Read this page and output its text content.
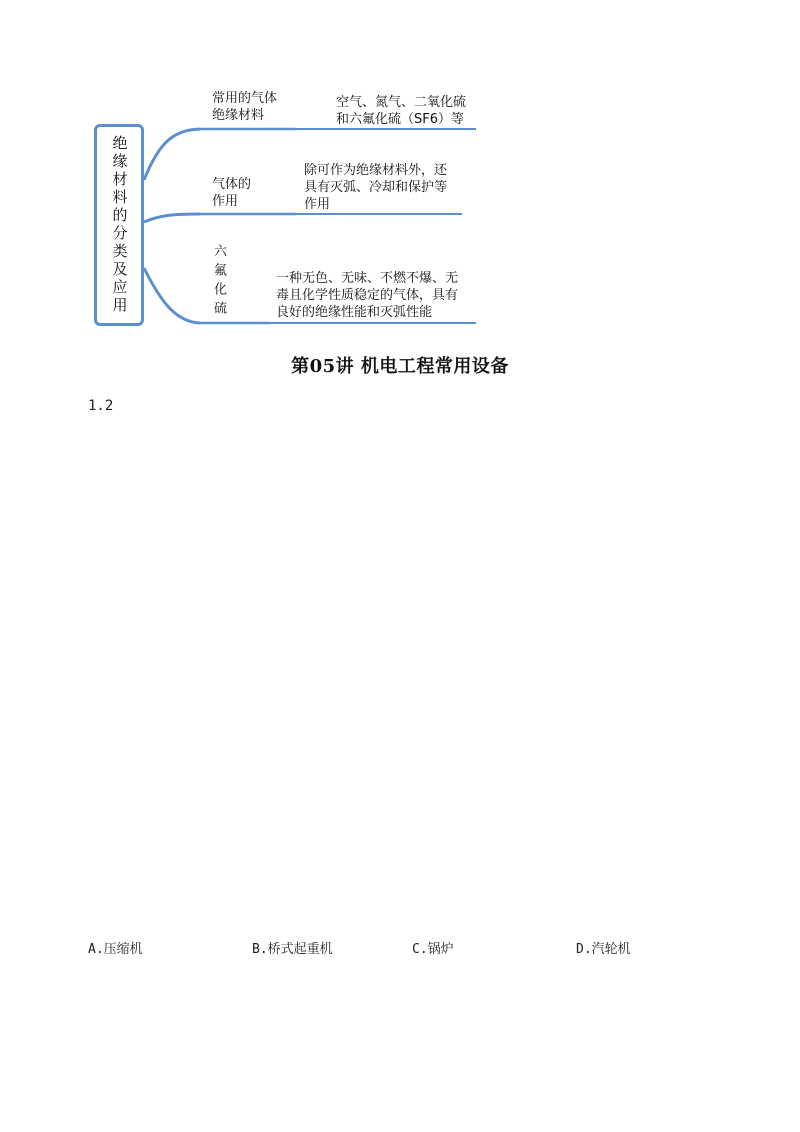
绝缘材料的分类及应用
常用的气体
绝缘材料
空气、氮气、二氧化硫
和六氟化硫（SF6）等
气体的
作用
除可作为绝缘材料外，还
具有灭弧、冷却和保护等
作用
六氟化硫	一种无色、无味、不燃不爆、无
毒且化学性质稳定的气体，具有
良好的绝缘性能和灭弧性能
第05讲 机电工程常用设备
1.2
A.压缩机	B.桥式起重机	C.锅炉	D.汽轮机
